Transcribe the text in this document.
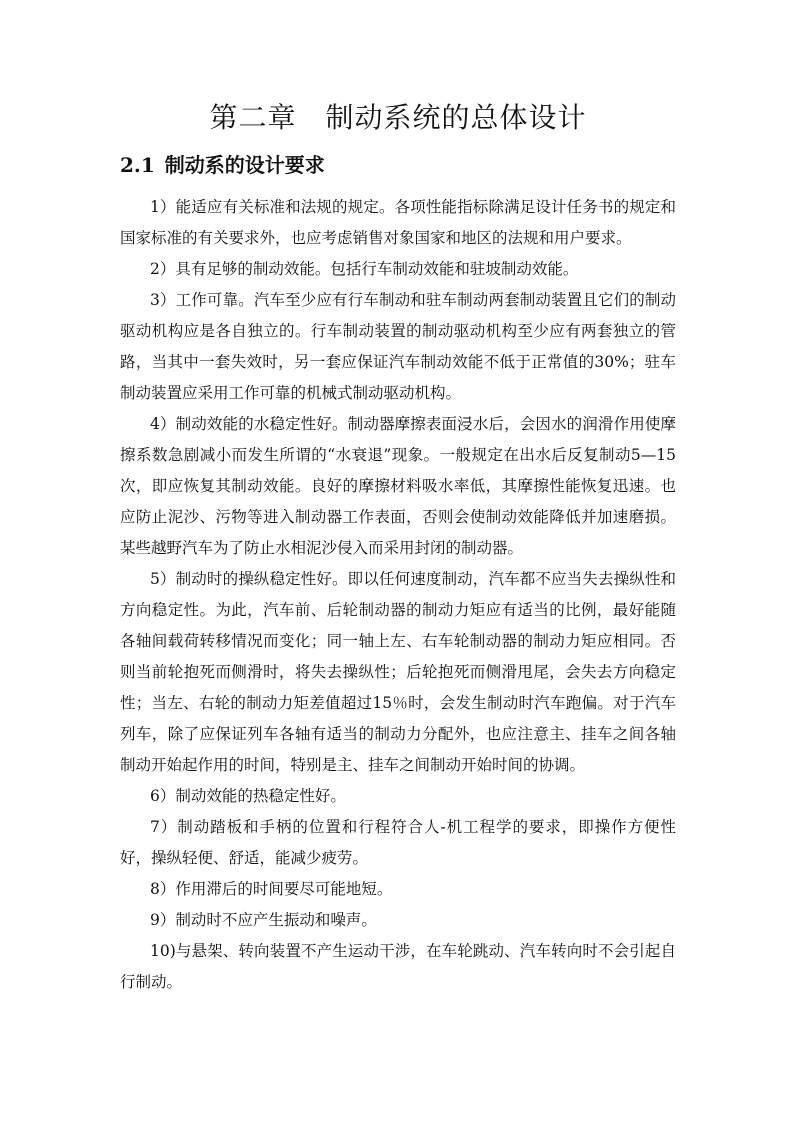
第二章　制动系统的总体设计
2.1 制动系的设计要求

1）能适应有关标准和法规的规定。各项性能指标除满足设计任务书的规定和国家标准的有关要求外，也应考虑销售对象国家和地区的法规和用户要求。

2）具有足够的制动效能。包括行车制动效能和驻坡制动效能。

3）工作可靠。汽车至少应有行车制动和驻车制动两套制动装置且它们的制动驱动机构应是各自独立的。行车制动装置的制动驱动机构至少应有两套独立的管路，当其中一套失效时，另一套应保证汽车制动效能不低于正常值的30%；驻车制动装置应采用工作可靠的机械式制动驱动机构。

4）制动效能的水稳定性好。制动器摩擦表面浸水后，会因水的润滑作用使摩擦系数急剧减小而发生所谓的“水衰退”现象。一般规定在出水后反复制动5—15次，即应恢复其制动效能。良好的摩擦材料吸水率低，其摩擦性能恢复迅速。也应防止泥沙、污物等进入制动器工作表面，否则会使制动效能降低并加速磨损。某些越野汽车为了防止水相泥沙侵入而采用封闭的制动器。

5）制动时的操纵稳定性好。即以任何速度制动，汽车都不应当失去操纵性和方向稳定性。为此，汽车前、后轮制动器的制动力矩应有适当的比例，最好能随各轴间载荷转移情况而变化；同一轴上左、右车轮制动器的制动力矩应相同。否则当前轮抱死而侧滑时，将失去操纵性；后轮抱死而侧滑甩尾，会失去方向稳定性；当左、右轮的制动力矩差值超过15％时，会发生制动时汽车跑偏。对于汽车列车，除了应保证列车各轴有适当的制动力分配外，也应注意主、挂车之间各轴制动开始起作用的时间，特别是主、挂车之间制动开始时间的协调。

6）制动效能的热稳定性好。

7）制动踏板和手柄的位置和行程符合人-机工程学的要求，即操作方便性好，操纵轻便、舒适，能减少疲劳。

8）作用滞后的时间要尽可能地短。

9）制动时不应产生振动和噪声。

10)与悬架、转向装置不产生运动干涉，在车轮跳动、汽车转向时不会引起自行制动。
